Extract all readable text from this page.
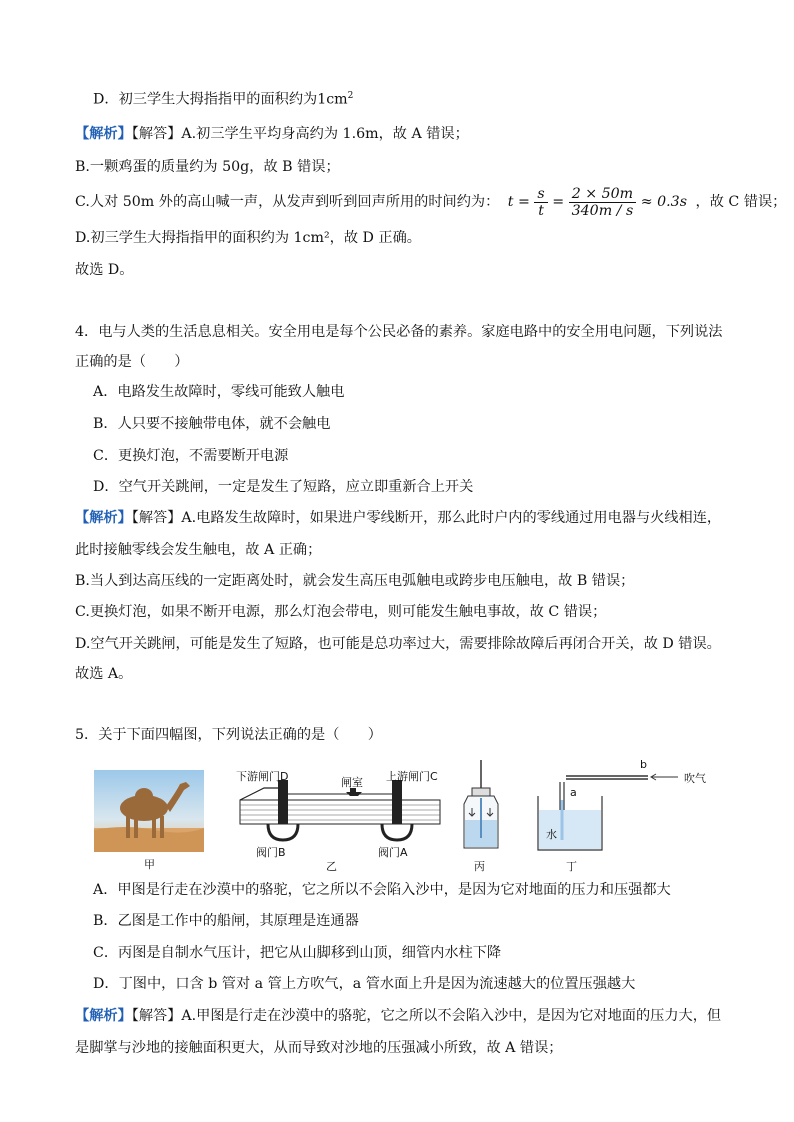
D．初三学生大拇指指甲的面积约为$1cm^2$
【解析】【解答】A.初三学生平均身高约为 1.6m，故 A 错误；
B.一颗鸡蛋的质量约为 50g，故 B 错误；
C.人对 50m 外的高山喊一声，从发声到听到回声所用的时间约为： $t = \frac{s}{t} = \frac{2 \times 50m}{340m / s} \approx 0.3s$ ，故 C 错误；
D.初三学生大拇指指甲的面积约为 1cm²，故 D 正确。
故选 D。
4．电与人类的生活息息相关。安全用电是每个公民必备的素养。家庭电路中的安全用电问题，下列说法
正确的是（　　）
A．电路发生故障时，零线可能致人触电
B．人只要不接触带电体，就不会触电
C．更换灯泡，不需要断开电源
D．空气开关跳闸，一定是发生了短路，应立即重新合上开关
【解析】【解答】A.电路发生故障时，如果进户零线断开，那么此时户内的零线通过用电器与火线相连，
此时接触零线会发生触电，故 A 正确；
B.当人到达高压线的一定距离处时，就会发生高压电弧触电或跨步电压触电，故 B 错误；
C.更换灯泡，如果不断开电源，那么灯泡会带电，则可能发生触电事故，故 C 错误；
D.空气开关跳闸，可能是发生了短路，也可能是总功率过大，需要排除故障后再闭合开关，故 D 错误。
故选 A。
5．关于下面四幅图，下列说法正确的是（　　）
甲
下游闸门D	闸室 上游闸门C
阀门B	阀门A
乙	丙
b
a
吹气
水
丁
A．甲图是行走在沙漠中的骆驼，它之所以不会陷入沙中，是因为它对地面的压力和压强都大
B．乙图是工作中的船闸，其原理是连通器
C．丙图是自制水气压计，把它从山脚移到山顶，细管内水柱下降
D．丁图中，口含 b 管对 a 管上方吹气，a 管水面上升是因为流速越大的位置压强越大
【解析】【解答】A.甲图是行走在沙漠中的骆驼，它之所以不会陷入沙中，是因为它对地面的压力大，但
是脚掌与沙地的接触面积更大，从而导致对沙地的压强减小所致，故 A 错误；
